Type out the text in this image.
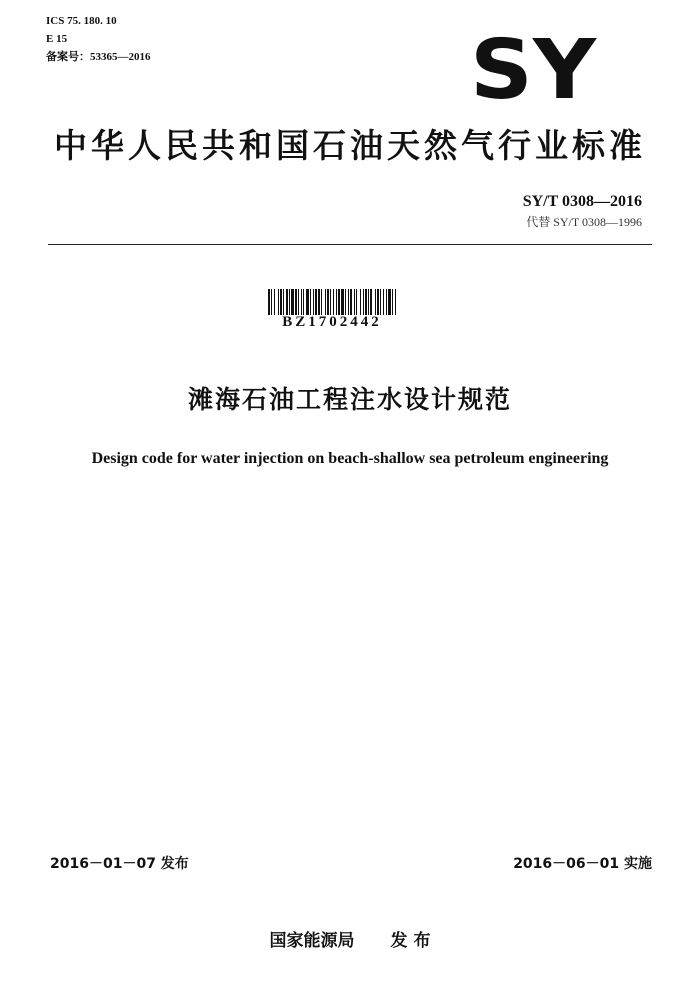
ICS 75. 180. 10
E 15
备案号：53365—2016	SY
中华人民共和国石油天然气行业标准
SY/T 0308—2016
代替 SY/T 0308—1996
BZ1702442
滩海石油工程注水设计规范
Design code for water injection on beach-shallow sea petroleum engineering
2016－01－07 发布	2016－06－01 实施
国家能源局 发 布
